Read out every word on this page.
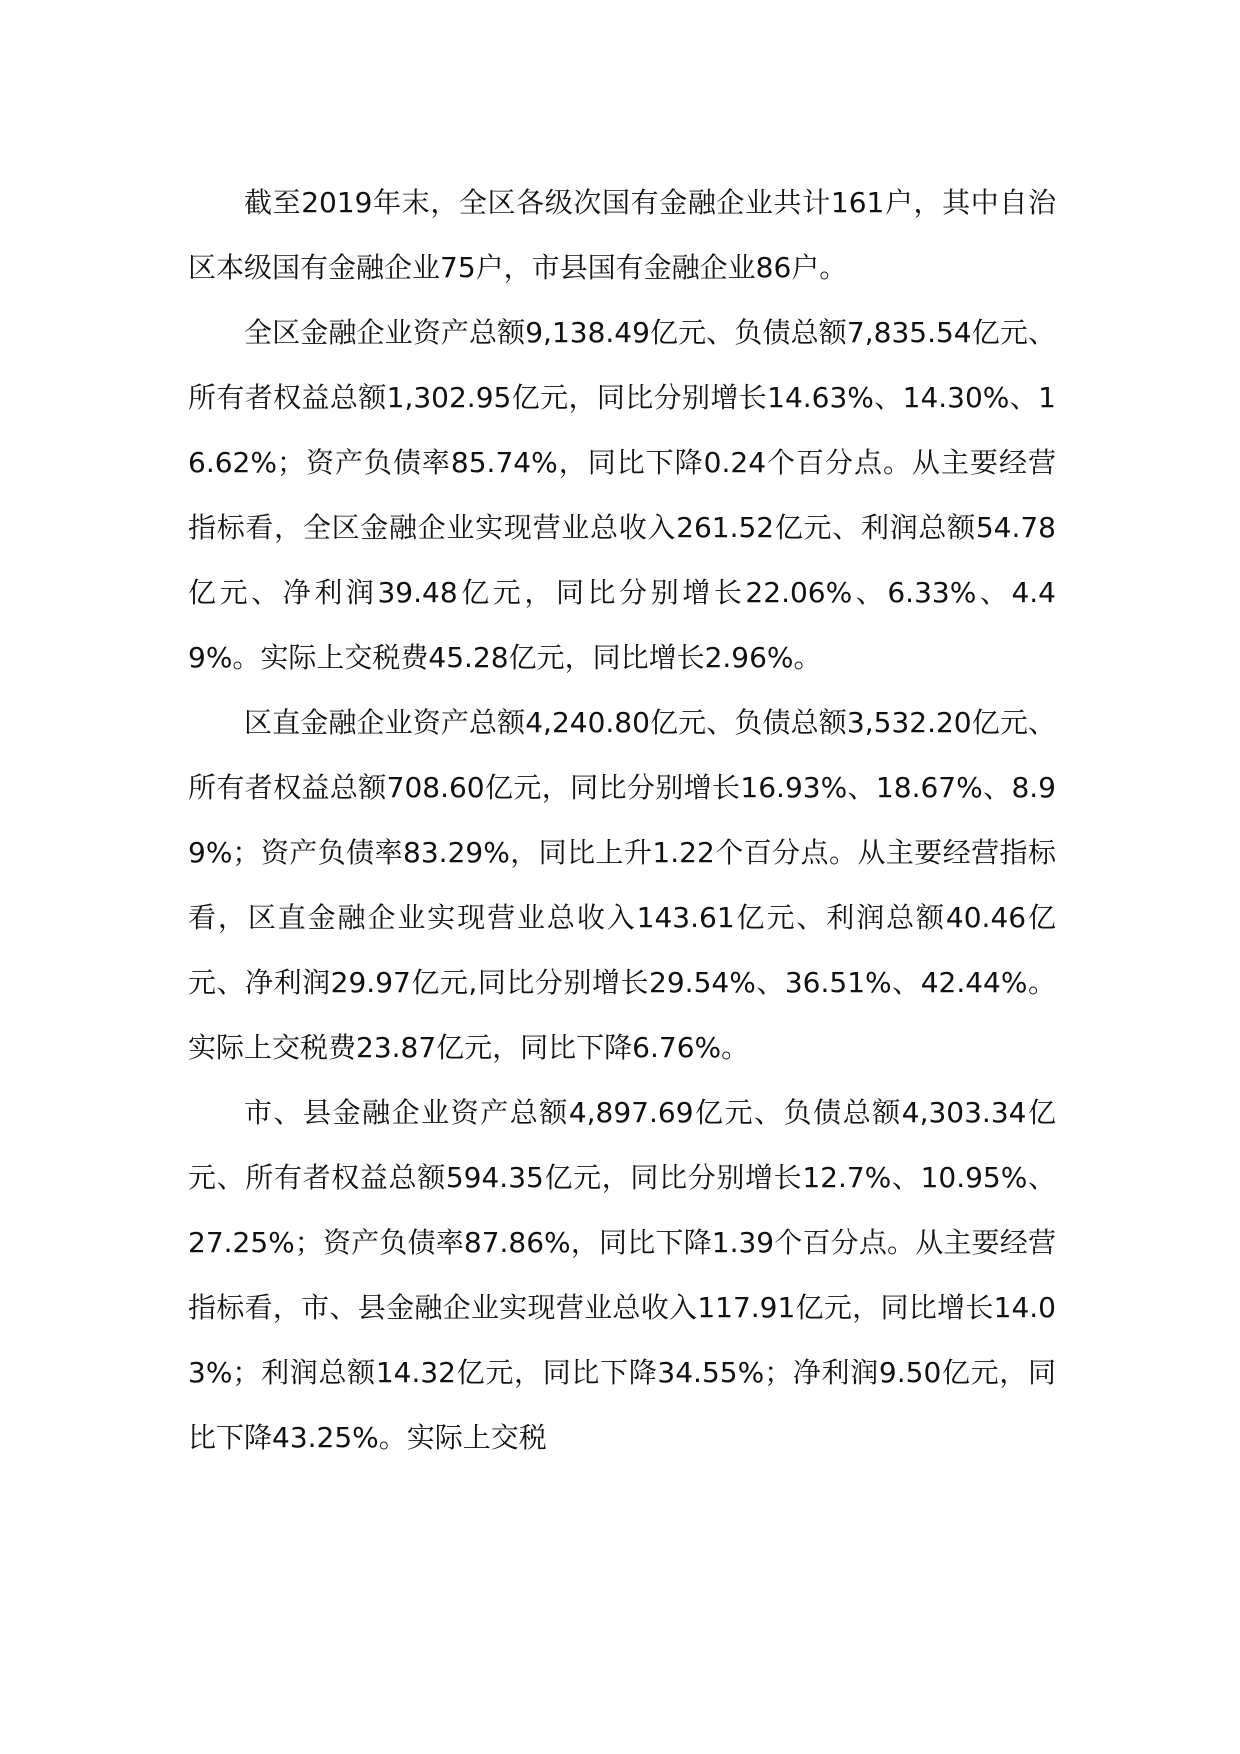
截至2019年末，全区各级次国有金融企业共计161户，其中自治区本级国有金融企业75户，市县国有金融企业86户。

全区金融企业资产总额9,138.49亿元、负债总额7,835.54亿元、所有者权益总额1,302.95亿元，同比分别增长14.63%、14.30%、16.62%；资产负债率85.74%，同比下降0.24个百分点。从主要经营指标看，全区金融企业实现营业总收入261.52亿元、利润总额54.78亿元、净利润39.48亿元，同比分别增长22.06%、6.33%、4.49%。实际上交税费45.28亿元，同比增长2.96%。

区直金融企业资产总额4,240.80亿元、负债总额3,532.20亿元、所有者权益总额708.60亿元，同比分别增长16.93%、18.67%、8.99%；资产负债率83.29%，同比上升1.22个百分点。从主要经营指标看，区直金融企业实现营业总收入143.61亿元、利润总额40.46亿元、净利润29.97亿元,同比分别增长29.54%、36.51%、42.44%。实际上交税费23.87亿元，同比下降6.76%。

市、县金融企业资产总额4,897.69亿元、负债总额4,303.34亿元、所有者权益总额594.35亿元，同比分别增长12.7%、10.95%、27.25%；资产负债率87.86%，同比下降1.39个百分点。从主要经营指标看，市、县金融企业实现营业总收入117.91亿元，同比增长14.03%；利润总额14.32亿元，同比下降34.55%；净利润9.50亿元，同比下降43.25%。实际上交税
